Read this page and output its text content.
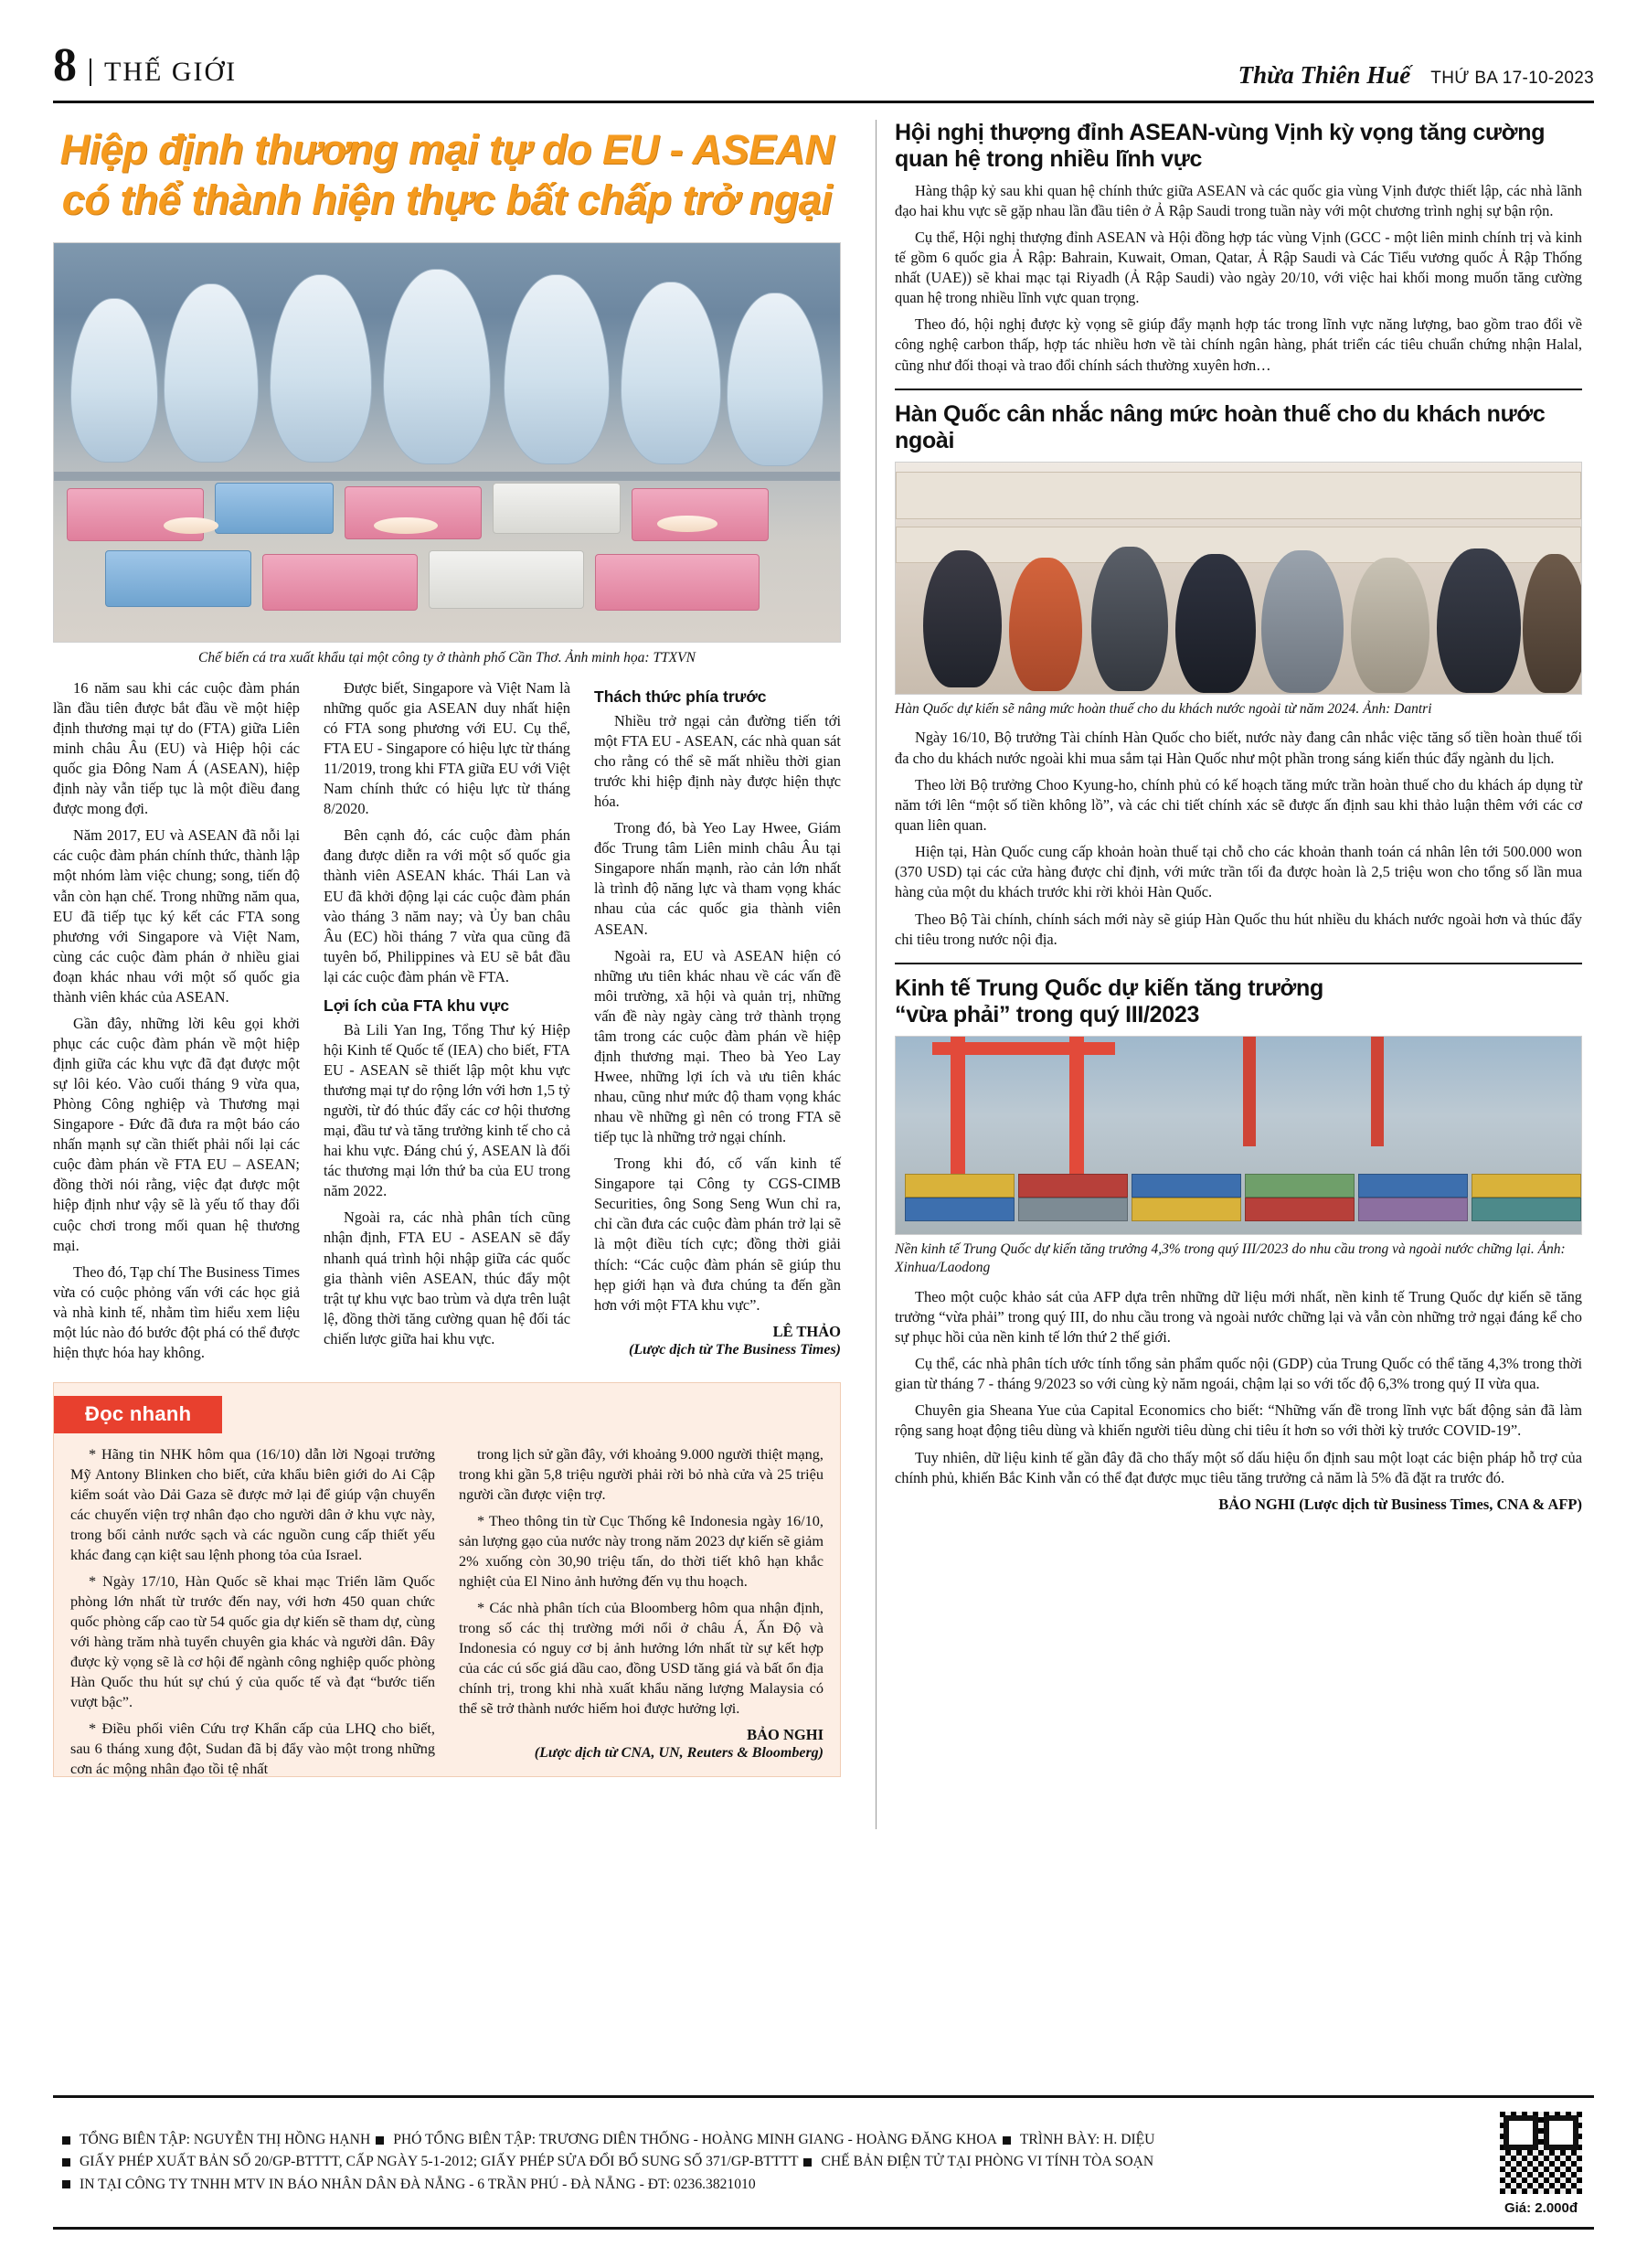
8	THẾ GIỚI	Thừa Thiên Huế THỨ BA 17-10-2023
Hiệp định thương mại tự do EU - ASEAN
có thể thành hiện thực bất chấp trở ngại
Chế biến cá tra xuất khẩu tại một công ty ở thành phố Cần Thơ. Ảnh minh họa: TTXVN

16 năm sau khi các cuộc đàm phán lần đầu tiên được bắt đầu về một hiệp định thương mại tự do (FTA) giữa Liên minh châu Âu (EU) và Hiệp hội các quốc gia Đông Nam Á (ASEAN), hiệp định này vẫn tiếp tục là một điều đang được mong đợi.

Năm 2017, EU và ASEAN đã nỗi lại các cuộc đàm phán chính thức, thành lập một nhóm làm việc chung; song, tiến độ vẫn còn hạn chế. Trong những năm qua, EU đã tiếp tục ký kết các FTA song phương với Singapore và Việt Nam, cùng các cuộc đàm phán ở nhiều giai đoạn khác nhau với một số quốc gia thành viên khác của ASEAN.

Gần đây, những lời kêu gọi khởi phục các cuộc đàm phán về một hiệp định giữa các khu vực đã đạt được một sự lôi kéo. Vào cuối tháng 9 vừa qua, Phòng Công nghiệp và Thương mại Singapore - Đức đã đưa ra một báo cáo nhấn mạnh sự cần thiết phải nối lại các cuộc đàm phán về FTA EU – ASEAN; đồng thời nói rằng, việc đạt được một hiệp định như vậy sẽ là yếu tố thay đổi cuộc chơi trong mối quan hệ thương mại.

Theo đó, Tạp chí The Business Times vừa có cuộc phỏng vấn với các học giả và nhà kinh tế, nhằm tìm hiểu xem liệu một lúc nào đó bước đột phá có thể được hiện thực hóa hay không.

Được biết, Singapore và Việt Nam là những quốc gia ASEAN duy nhất hiện có FTA song phương với EU. Cụ thể, FTA EU - Singapore có hiệu lực từ tháng 11/2019, trong khi FTA giữa EU với Việt Nam chính thức có hiệu lực từ tháng 8/2020.

Bên cạnh đó, các cuộc đàm phán đang được diễn ra với một số quốc gia thành viên ASEAN khác. Thái Lan và EU đã khởi động lại các cuộc đàm phán vào tháng 3 năm nay; và Ủy ban châu Âu (EC) hồi tháng 7 vừa qua cũng đã tuyên bố, Philippines và EU sẽ bắt đầu lại các cuộc đàm phán về FTA.

Lợi ích của FTA khu vực

Bà Lili Yan Ing, Tổng Thư ký Hiệp hội Kinh tế Quốc tế (IEA) cho biết, FTA EU - ASEAN sẽ thiết lập một khu vực thương mại tự do rộng lớn với hơn 1,5 tỷ người, từ đó thúc đẩy các cơ hội thương mại, đầu tư và tăng trưởng kinh tế cho cả hai khu vực. Đáng chú ý, ASEAN là đối tác thương mại lớn thứ ba của EU trong năm 2022.

Ngoài ra, các nhà phân tích cũng nhận định, FTA EU - ASEAN sẽ đẩy nhanh quá trình hội nhập giữa các quốc gia thành viên ASEAN, thúc đẩy một trật tự khu vực bao trùm và dựa trên luật lệ, đồng thời tăng cường quan hệ đối tác chiến lược giữa hai khu vực.

Thách thức phía trước

Nhiều trở ngại cản đường tiến tới một FTA EU - ASEAN, các nhà quan sát cho rằng có thể sẽ mất nhiều thời gian trước khi hiệp định này được hiện thực hóa.

Trong đó, bà Yeo Lay Hwee, Giám đốc Trung tâm Liên minh châu Âu tại Singapore nhấn mạnh, rào cản lớn nhất là trình độ năng lực và tham vọng khác nhau của các quốc gia thành viên ASEAN.

Ngoài ra, EU và ASEAN hiện có những ưu tiên khác nhau về các vấn đề môi trường, xã hội và quản trị, những vấn đề này ngày càng trở thành trọng tâm trong các cuộc đàm phán về hiệp định thương mại. Theo bà Yeo Lay Hwee, những lợi ích và ưu tiên khác nhau, cũng như mức độ tham vọng khác nhau về những gì nên có trong FTA sẽ tiếp tục là những trở ngại chính.

Trong khi đó, cố vấn kinh tế Singapore tại Công ty CGS-CIMB Securities, ông Song Seng Wun chỉ ra, chỉ cần đưa các cuộc đàm phán trở lại sẽ là một điều tích cực; đồng thời giải thích: “Các cuộc đàm phán sẽ giúp thu hẹp giới hạn và đưa chúng ta đến gần hơn với một FTA khu vực”.

LÊ THẢO

(Lược dịch từ The Business Times)

Đọc nhanh

* Hãng tin NHK hôm qua (16/10) dẫn lời Ngoại trưởng Mỹ Antony Blinken cho biết, cửa khẩu biên giới do Ai Cập kiểm soát vào Dải Gaza sẽ được mở lại để giúp vận chuyển các chuyến viện trợ nhân đạo cho người dân ở khu vực này, trong bối cảnh nước sạch và các nguồn cung cấp thiết yếu khác đang cạn kiệt sau lệnh phong tỏa của Israel.

* Ngày 17/10, Hàn Quốc sẽ khai mạc Triển lãm Quốc phòng lớn nhất từ trước đến nay, với hơn 450 quan chức quốc phòng cấp cao từ 54 quốc gia dự kiến sẽ tham dự, cùng với hàng trăm nhà tuyển chuyên gia khác và người dân. Đây được kỳ vọng sẽ là cơ hội để ngành công nghiệp quốc phòng Hàn Quốc thu hút sự chú ý của quốc tế và đạt “bước tiến vượt bậc”.

* Điều phối viên Cứu trợ Khẩn cấp của LHQ cho biết, sau 6 tháng xung đột, Sudan đã bị đẩy vào một trong những cơn ác mộng nhân đạo tồi tệ nhất

trong lịch sử gần đây, với khoảng 9.000 người thiệt mạng, trong khi gần 5,8 triệu người phải rời bỏ nhà cửa và 25 triệu người cần được viện trợ.

* Theo thông tin từ Cục Thống kê Indonesia ngày 16/10, sản lượng gạo của nước này trong năm 2023 dự kiến sẽ giảm 2% xuống còn 30,90 triệu tấn, do thời tiết khô hạn khắc nghiệt của El Nino ảnh hưởng đến vụ thu hoạch.

* Các nhà phân tích của Bloomberg hôm qua nhận định, trong số các thị trường mới nổi ở châu Á, Ấn Độ và Indonesia có nguy cơ bị ảnh hưởng lớn nhất từ sự kết hợp của các cú sốc giá dầu cao, đồng USD tăng giá và bất ổn địa chính trị, trong khi nhà xuất khẩu năng lượng Malaysia có thể sẽ trở thành nước hiếm hoi được hưởng lợi.

BẢO NGHI

(Lược dịch từ CNA, UN, Reuters & Bloomberg)

Hội nghị thượng đỉnh ASEAN-vùng Vịnh kỳ vọng tăng cường quan hệ trong nhiều lĩnh vực

Hàng thập kỷ sau khi quan hệ chính thức giữa ASEAN và các quốc gia vùng Vịnh được thiết lập, các nhà lãnh đạo hai khu vực sẽ gặp nhau lần đầu tiên ở Ả Rập Saudi trong tuần này với một chương trình nghị sự bận rộn.

Cụ thể, Hội nghị thượng đỉnh ASEAN và Hội đồng hợp tác vùng Vịnh (GCC - một liên minh chính trị và kinh tế gồm 6 quốc gia Ả Rập: Bahrain, Kuwait, Oman, Qatar, Ả Rập Saudi và Các Tiểu vương quốc Ả Rập Thống nhất (UAE)) sẽ khai mạc tại Riyadh (Ả Rập Saudi) vào ngày 20/10, với việc hai khối mong muốn tăng cường quan hệ trong nhiều lĩnh vực quan trọng.

Theo đó, hội nghị được kỳ vọng sẽ giúp đẩy mạnh hợp tác trong lĩnh vực năng lượng, bao gồm trao đổi về công nghệ carbon thấp, hợp tác nhiều hơn về tài chính ngân hàng, phát triển các tiêu chuẩn chứng nhận Halal, cũng như đối thoại và trao đổi chính sách thường xuyên hơn…

Hàn Quốc cân nhắc nâng mức hoàn thuế cho du khách nước ngoài
Hàn Quốc dự kiến sẽ nâng mức hoàn thuế cho du khách nước ngoài từ năm 2024. Ảnh: Dantri

Ngày 16/10, Bộ trưởng Tài chính Hàn Quốc cho biết, nước này đang cân nhắc việc tăng số tiền hoàn thuế tối đa cho du khách nước ngoài khi mua sắm tại Hàn Quốc như một phần trong sáng kiến thúc đẩy ngành du lịch.

Theo lời Bộ trưởng Choo Kyung-ho, chính phủ có kế hoạch tăng mức trần hoàn thuế cho du khách áp dụng từ năm tới lên “một số tiền không lồ”, và các chi tiết chính xác sẽ được ấn định sau khi thảo luận thêm với các cơ quan liên quan.

Hiện tại, Hàn Quốc cung cấp khoản hoàn thuế tại chỗ cho các khoản thanh toán cá nhân lên tới 500.000 won (370 USD) tại các cửa hàng được chỉ định, với mức trần tối đa được hoàn là 2,5 triệu won cho tổng số lần mua hàng của một du khách trước khi rời khỏi Hàn Quốc.

Theo Bộ Tài chính, chính sách mới này sẽ giúp Hàn Quốc thu hút nhiều du khách nước ngoài hơn và thúc đẩy chi tiêu trong nước nội địa.

Kinh tế Trung Quốc dự kiến tăng trưởng
“vừa phải” trong quý III/2023
Nền kinh tế Trung Quốc dự kiến tăng trưởng 4,3% trong quý III/2023 do nhu cầu trong và ngoài nước chững lại. Ảnh: Xinhua/Laodong

Theo một cuộc khảo sát của AFP dựa trên những dữ liệu mới nhất, nền kinh tế Trung Quốc dự kiến sẽ tăng trưởng “vừa phải” trong quý III, do nhu cầu trong và ngoài nước chững lại và vẫn còn những trở ngại đáng kể cho sự phục hồi của nền kinh tế lớn thứ 2 thế giới.

Cụ thể, các nhà phân tích ước tính tổng sản phẩm quốc nội (GDP) của Trung Quốc có thể tăng 4,3% trong thời gian từ tháng 7 - tháng 9/2023 so với cùng kỳ năm ngoái, chậm lại so với tốc độ 6,3% trong quý II vừa qua.

Chuyên gia Sheana Yue của Capital Economics cho biết: “Những vấn đề trong lĩnh vực bất động sản đã làm rộng sang hoạt động tiêu dùng và khiến người tiêu dùng chi tiêu ít hơn so với thời kỳ trước COVID-19”.

Tuy nhiên, dữ liệu kinh tế gần đây đã cho thấy một số dấu hiệu ổn định sau một loạt các biện pháp hỗ trợ của chính phủ, khiến Bắc Kinh vẫn có thể đạt được mục tiêu tăng trưởng cả năm là 5% đã đặt ra trước đó.

BẢO NGHI (Lược dịch từ Business Times, CNA & AFP)

TỔNG BIÊN TẬP: NGUYỄN THỊ HỒNG HẠNH PHÓ TỔNG BIÊN TẬP: TRƯƠNG DIÊN THỐNG - HOÀNG MINH GIANG - HOÀNG ĐĂNG KHOA TRÌNH BÀY: H. DIỆU
GIẤY PHÉP XUẤT BẢN SỐ 20/GP-BTTTT, CẤP NGÀY 5-1-2012; GIẤY PHÉP SỬA ĐỔI BỔ SUNG SỐ 371/GP-BTTTT CHẾ BẢN ĐIỆN TỬ TẠI PHÒNG VI TÍNH TÒA SOẠN
IN TẠI CÔNG TY TNHH MTV IN BÁO NHÂN DÂN ĐÀ NẴNG - 6 TRẦN PHÚ - ĐÀ NẴNG - ĐT: 0236.3821010
Giá: 2.000đ
